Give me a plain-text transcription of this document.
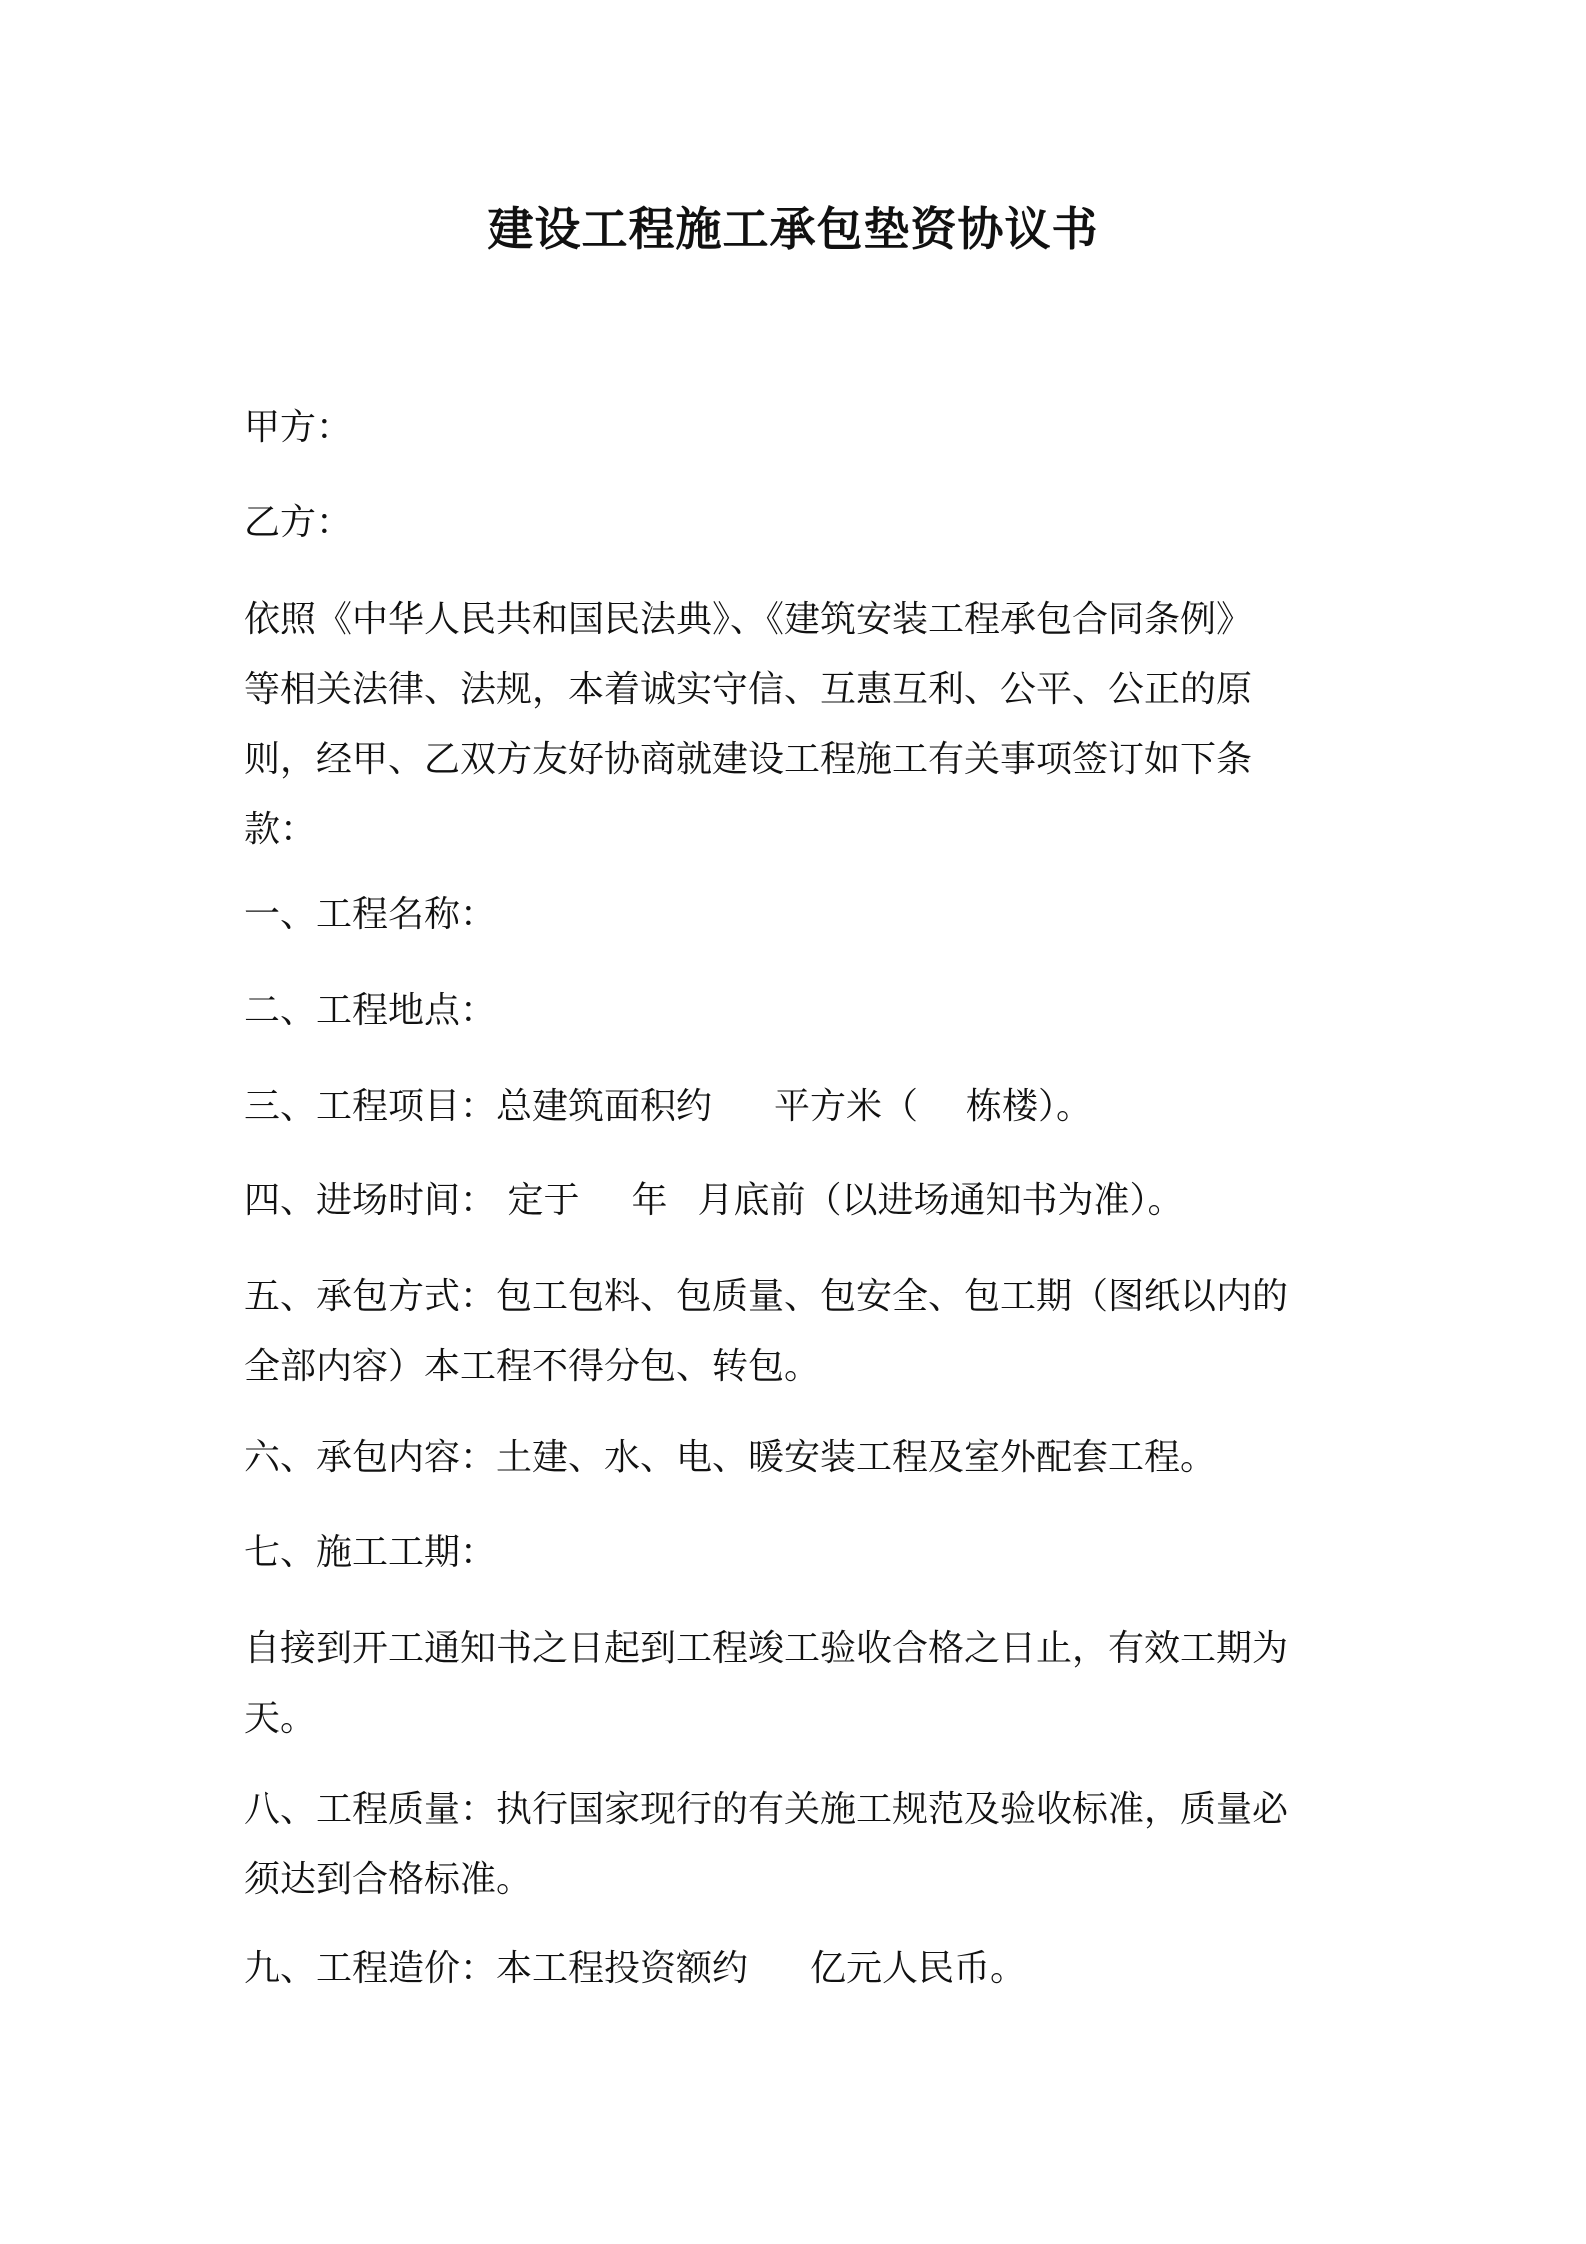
建设工程施工承包垫资协议书

甲方：

乙方：

依照《中华人民共和国民法典》、《建筑安装工程承包合同条例》
等相关法律、法规，本着诚实守信、互惠互利、公平、公正的原
则，经甲、乙双方友好协商就建设工程施工有关事项签订如下条
款：

一、工程名称：

二、工程地点：

三、工程项目：总建筑面积约 平方米（ 栋楼）。

四、进场时间： 定于 年 月底前（以进场通知书为准）。

五、承包方式：包工包料、包质量、包安全、包工期（图纸以内的
全部内容）本工程不得分包、转包。

六、承包内容：土建、水、电、暖安装工程及室外配套工程。

七、施工工期：

自接到开工通知书之日起到工程竣工验收合格之日止，有效工期为
天。

八、工程质量：执行国家现行的有关施工规范及验收标准，质量必
须达到合格标准。

九、工程造价：本工程投资额约 亿元人民币。
